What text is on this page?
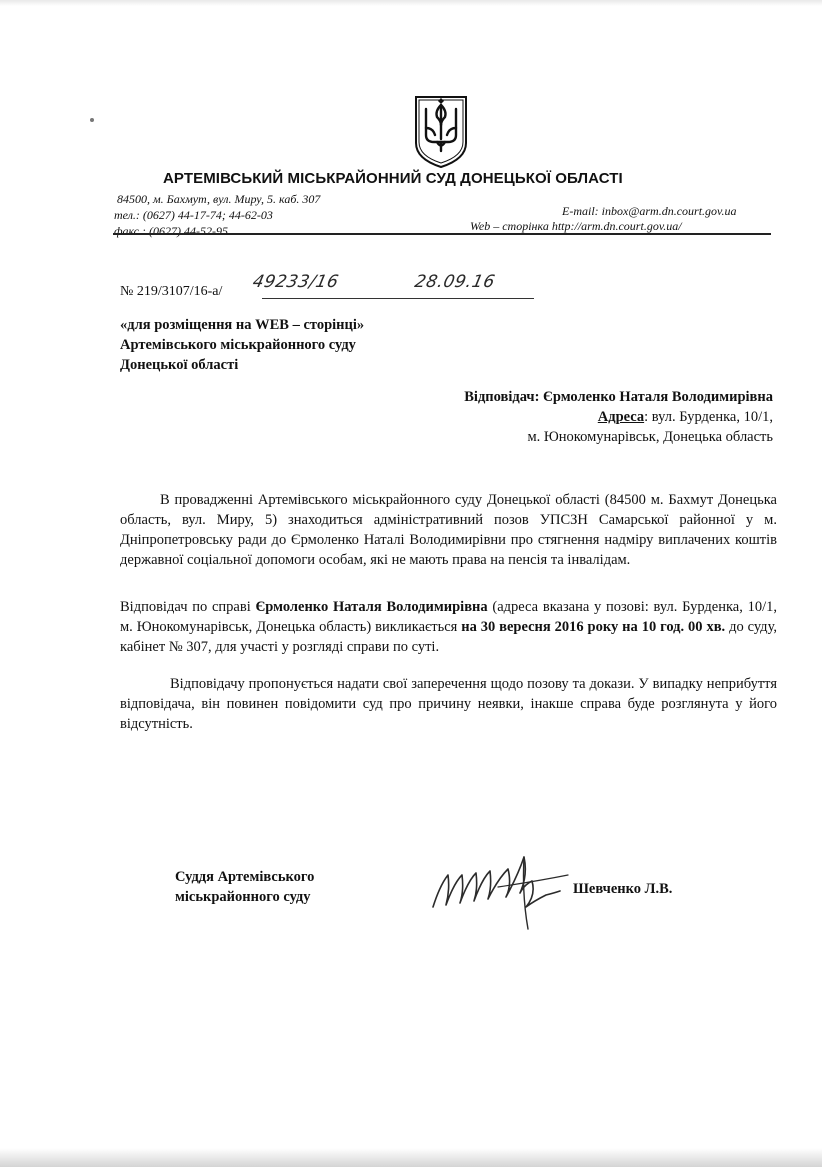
АРТЕМІВСЬКИЙ МІСЬКРАЙОННИЙ СУД ДОНЕЦЬКОЇ ОБЛАСТІ
84500, м. Бахмут, вул. Миру, 5. каб. 307
тел.: (0627) 44-17-74; 44-62-03
факс.: (0627) 44-52-95.
E-mail: inbox@arm.dn.court.gov.ua
Web – сторінка http://arm.dn.court.gov.ua/
№ 219/3107/16-а/ 49233/16	28.09.16
«для розміщення на WEB – сторінці»
Артемівського міськрайонного суду
Донецької області
Відповідач: Єрмоленко Наталя Володимирівна
Адреса: вул. Бурденка, 10/1,
м. Юнокомунарівськ, Донецька область
В провадженні Артемівського міськрайонного суду Донецької області (84500 м. Бахмут Донецька область, вул. Миру, 5) знаходиться адміністративний позов УПСЗН Самарської районної у м. Дніпропетровську ради до Єрмоленко Наталі Володимирівни про стягнення надміру виплачених коштів державної соціальної допомоги особам, які не мають права на пенсія та інвалідам.
Відповідач по справі Єрмоленко Наталя Володимирівна (адреса вказана у позові: вул. Бурденка, 10/1, м. Юнокомунарівськ, Донецька область) викликається на 30 вересня 2016 року на 10 год. 00 хв. до суду, кабінет № 307, для участі у розгляді справи по суті.
Відповідачу пропонується надати свої заперечення щодо позову та докази. У випадку неприбуття відповідача, він повинен повідомити суд про причину неявки, інакше справа буде розглянута у його відсутність.
Суддя Артемівського
міськрайонного суду	Шевченко Л.В.
